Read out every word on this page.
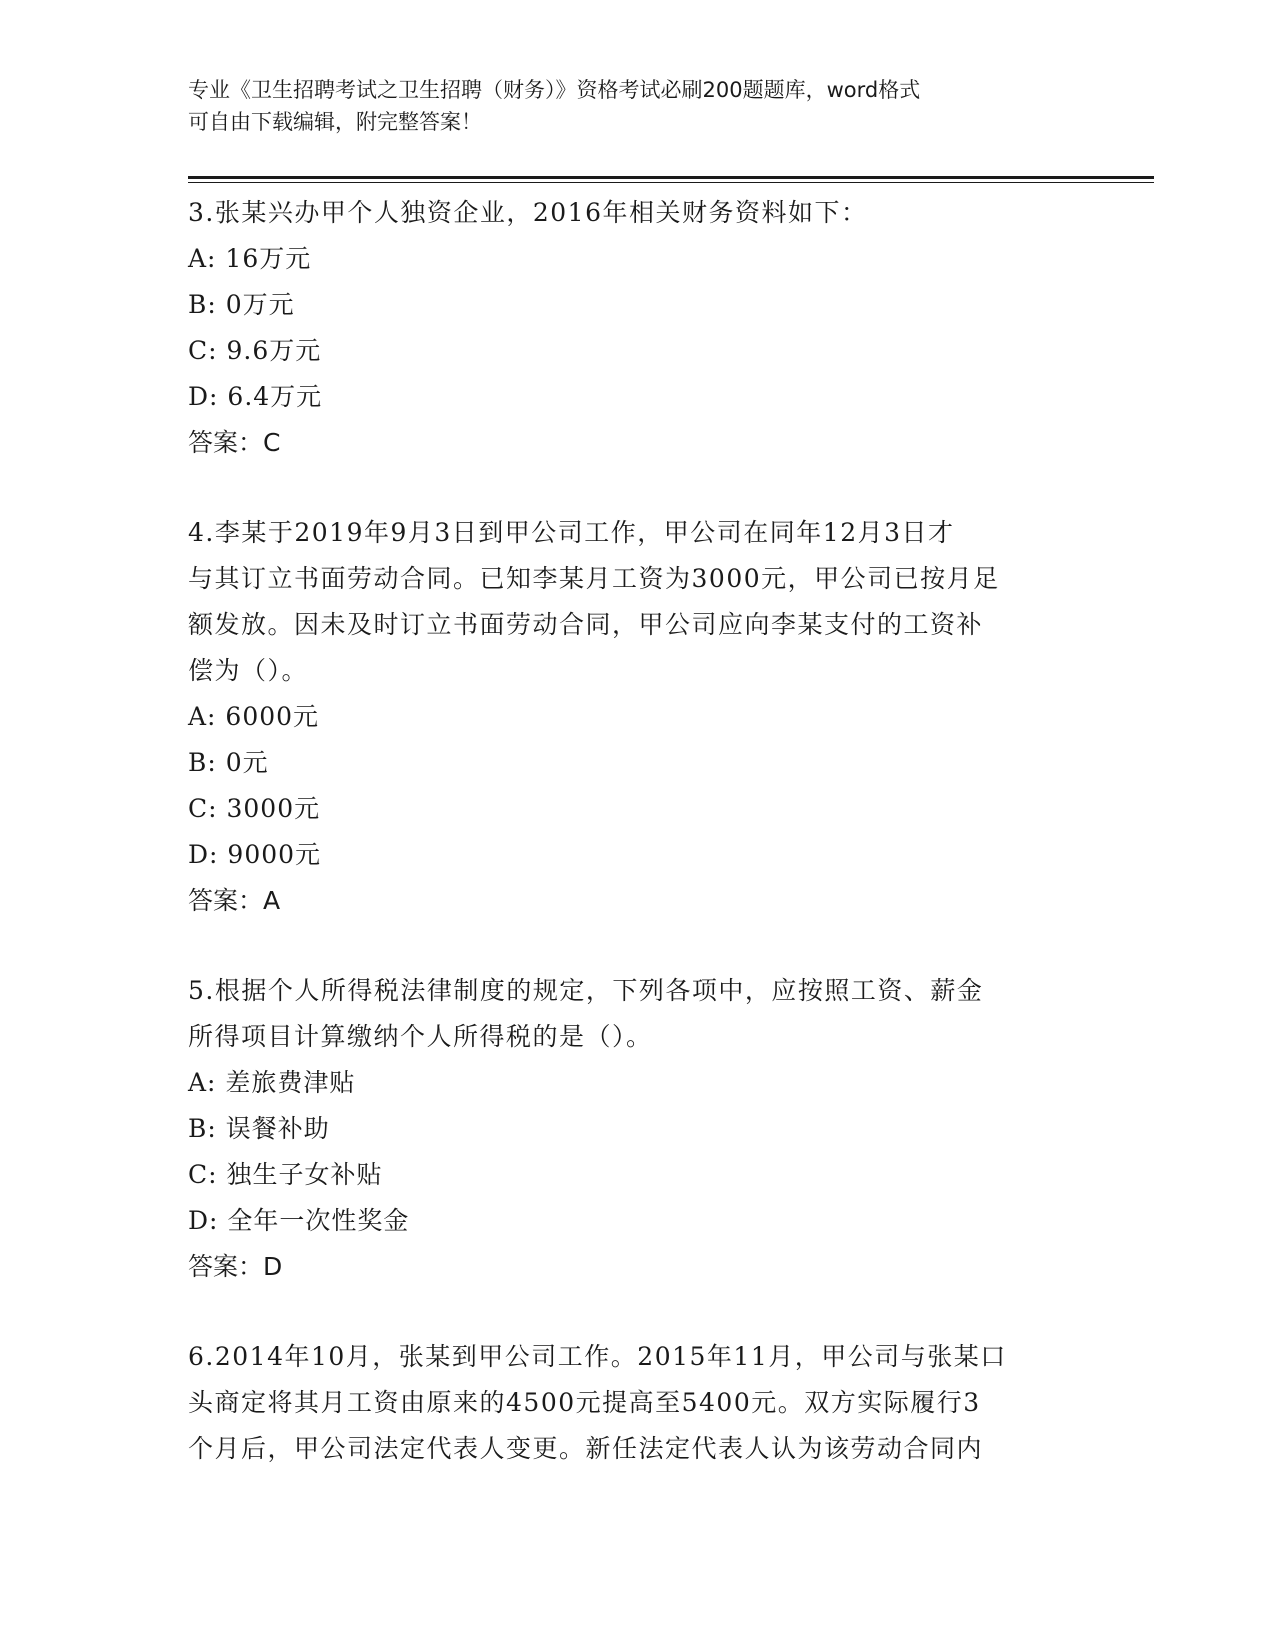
专业《卫生招聘考试之卫生招聘（财务）》资格考试必刷200题题库，word格式
可自由下载编辑，附完整答案！
3.张某兴办甲个人独资企业，2016年相关财务资料如下：
A: 16万元
B: 0万元
C: 9.6万元
D: 6.4万元
答案：C
4.李某于2019年9月3日到甲公司工作，甲公司在同年12月3日才
与其订立书面劳动合同。已知李某月工资为3000元，甲公司已按月足
额发放。因未及时订立书面劳动合同，甲公司应向李某支付的工资补
偿为（）。
A: 6000元
B: 0元
C: 3000元
D: 9000元
答案：A
5.根据个人所得税法律制度的规定，下列各项中，应按照工资、薪金
所得项目计算缴纳个人所得税的是（）。
A: 差旅费津贴
B: 误餐补助
C: 独生子女补贴
D: 全年一次性奖金
答案：D
6.2014年10月，张某到甲公司工作。2015年11月，甲公司与张某口
头商定将其月工资由原来的4500元提高至5400元。双方实际履行3
个月后，甲公司法定代表人变更。新任法定代表人认为该劳动合同内
